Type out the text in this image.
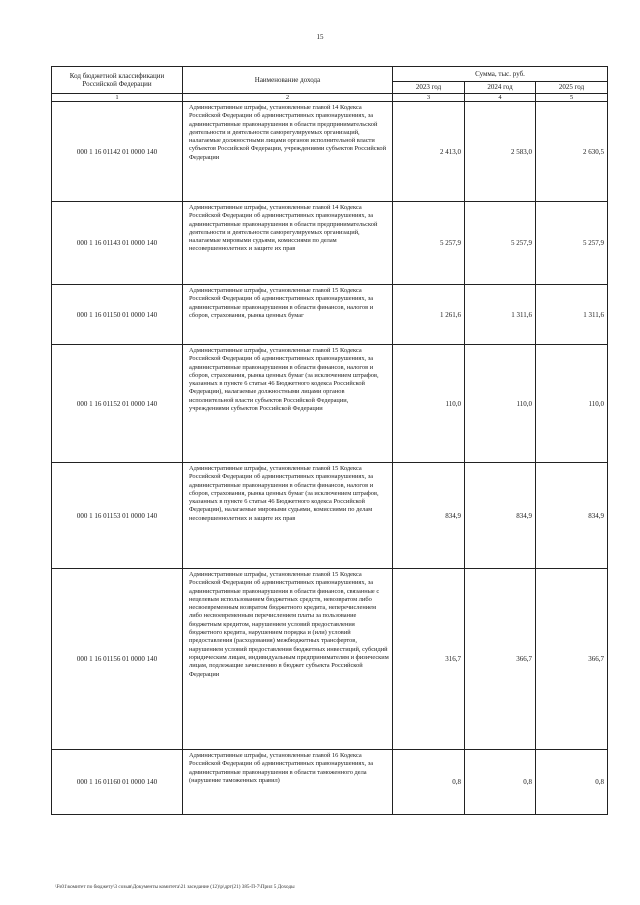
15
Код бюджетной классификации Российской Федерации	Наименование дохода	Сумма, тыс. руб.		
		2023 год	2024 год	2025 год
1	2	3	4	5
000 1 16 01142 01 0000 140	Административные штрафы, установленные главой 14 Кодекса Российской Федерации об административных правонарушениях, за административные правонарушения в области предпринимательской деятельности и деятельности саморегулируемых организаций, налагаемые должностными лицами органов исполнительной власти субъектов Российской Федерации, учреждениями субъектов Российской Федерации	2 413,0	2 583,0	2 630,5
000 1 16 01143 01 0000 140	Административные штрафы, установленные главой 14 Кодекса Российской Федерации об административных правонарушениях, за административные правонарушения в области предпринимательской деятельности и деятельности саморегулируемых организаций, налагаемые мировыми судьями, комиссиями по делам несовершеннолетних и защите их прав	5 257,9	5 257,9	5 257,9
000 1 16 01150 01 0000 140	Административные штрафы, установленные главой 15 Кодекса Российской Федерации об административных правонарушениях, за административные правонарушения в области финансов, налогов и сборов, страхования, рынка ценных бумаг	1 261,6	1 311,6	1 311,6
000 1 16 01152 01 0000 140	Административные штрафы, установленные главой 15 Кодекса Российской Федерации об административных правонарушениях, за административные правонарушения в области финансов, налогов и сборов, страхования, рынка ценных бумаг (за исключением штрафов, указанных в пункте 6 статьи 46 Бюджетного кодекса Российской Федерации), налагаемые должностными лицами органов исполнительной власти субъектов Российской Федерации, учреждениями субъектов Российской Федерации	110,0	110,0	110,0
000 1 16 01153 01 0000 140	Административные штрафы, установленные главой 15 Кодекса Российской Федерации об административных правонарушениях, за административные правонарушения в области финансов, налогов и сборов, страхования, рынка ценных бумаг (за исключением штрафов, указанных в пункте 6 статьи 46 Бюджетного кодекса Российской Федерации), налагаемые мировыми судьями, комиссиями по делам несовершеннолетних и защите их прав	834,9	834,9	834,9
000 1 16 01156 01 0000 140	Административные штрафы, установленные главой 15 Кодекса Российской Федерации об административных правонарушениях, за административные правонарушения в области финансов, связанные с нецелевым использованием бюджетных средств, невозвратом либо несвоевременным возвратом бюджетного кредита, неперечислением либо несвоевременным перечислением платы за пользование бюджетным кредитом, нарушением условий предоставления бюджетного кредита, нарушением порядка и (или) условий предоставления (расходования) межбюджетных трансфертов, нарушением условий предоставления бюджетных инвестиций, субсидий юридическим лицам, индивидуальным предпринимателям и физическим лицам, подлежащие зачислению в бюджет субъекта Российской Федерации	316,7	366,7	366,7
000 1 16 01160 01 0000 140	Административные штрафы, установленные главой 16 Кодекса Российской Федерации об административных правонарушениях, за административные правонарушения в области таможенного дела (нарушение таможенных правил)	0,8	0,8	0,8
\Fs01\комитет по бюджету\3 созыв\Документы комитета\21 заседание (12)\р\дрт(21) 385-П-7\Прил 5 Доходы
